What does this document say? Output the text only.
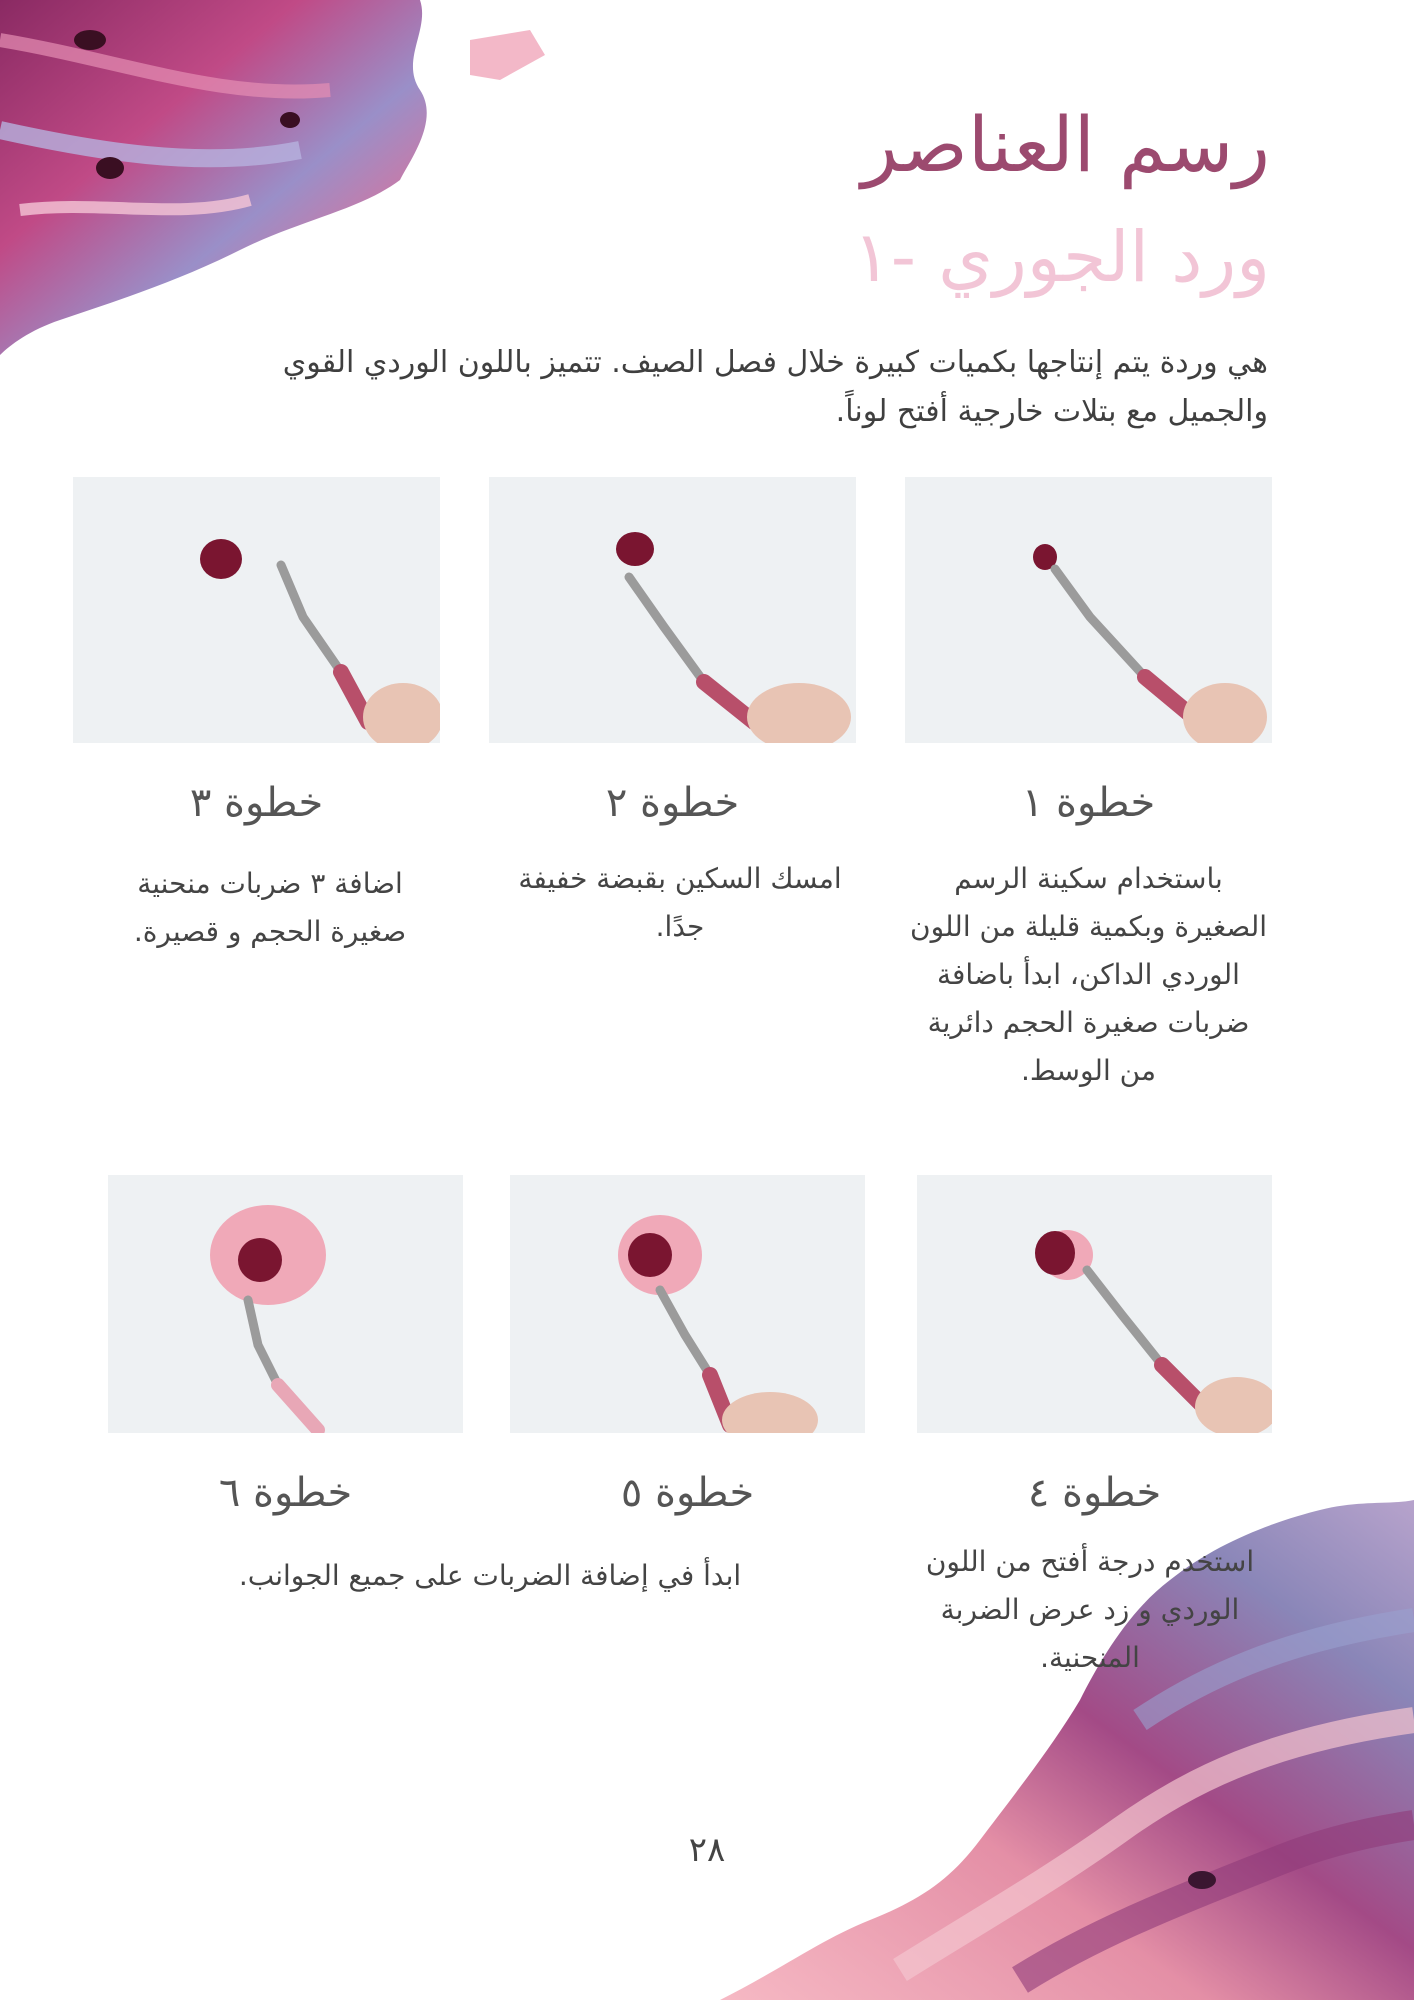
رسم العناصر
ورد الجوري -١

هي وردة يتم إنتاجها بكميات كبيرة خلال فصل الصيف. تتميز باللون الوردي القوي والجميل مع بتلات خارجية أفتح لوناً.

خطوة ١
خطوة ٢
خطوة ٣

باستخدام سكينة الرسم الصغيرة وبكمية قليلة من اللون الوردي الداكن، ابدأ باضافة ضربات صغيرة الحجم دائرية من الوسط.

امسك السكين بقبضة خفيفة جدًا.

اضافة ٣ ضربات منحنية صغيرة الحجم و قصيرة.

خطوة ٤
خطوة ٥
خطوة ٦

استخدم درجة أفتح من اللون الوردي و زد عرض الضربة المنحنية.

ابدأ في إضافة الضربات على جميع الجوانب.

٢٨
